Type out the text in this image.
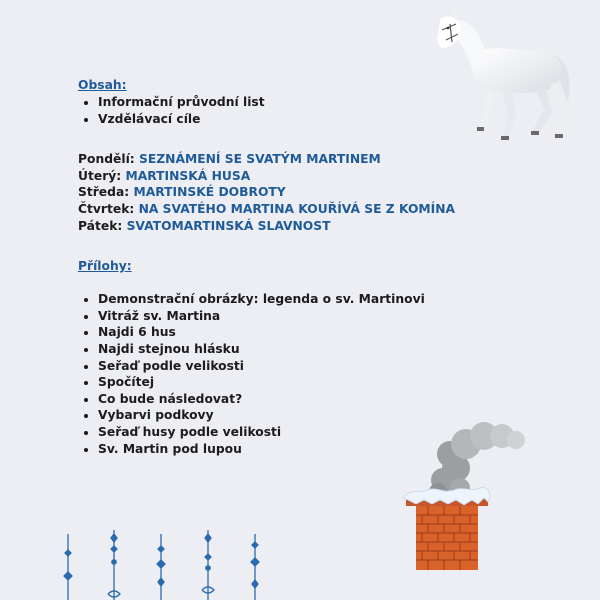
Obsah:

• Informační průvodní list
• Vzdělávací cíle
Pondělí: SEZNÁMENÍ SE SVATÝM MARTINEM
Úterý: MARTINSKÁ HUSA
Středa: MARTINSKÉ DOBROTY
Čtvrtek: NA SVATÉHO MARTINA KOUŘÍVÁ SE Z KOMÍNA
Pátek: SVATOMARTINSKÁ SLAVNOST

Přílohy:

• Demonstrační obrázky: legenda o sv. Martinovi
• Vitráž sv. Martina
• Najdi 6 hus
• Najdi stejnou hlásku
• Seřaď podle velikosti
• Spočítej
• Co bude následovat?
• Vybarvi podkovy
• Seřaď husy podle velikosti
• Sv. Martin pod lupou
